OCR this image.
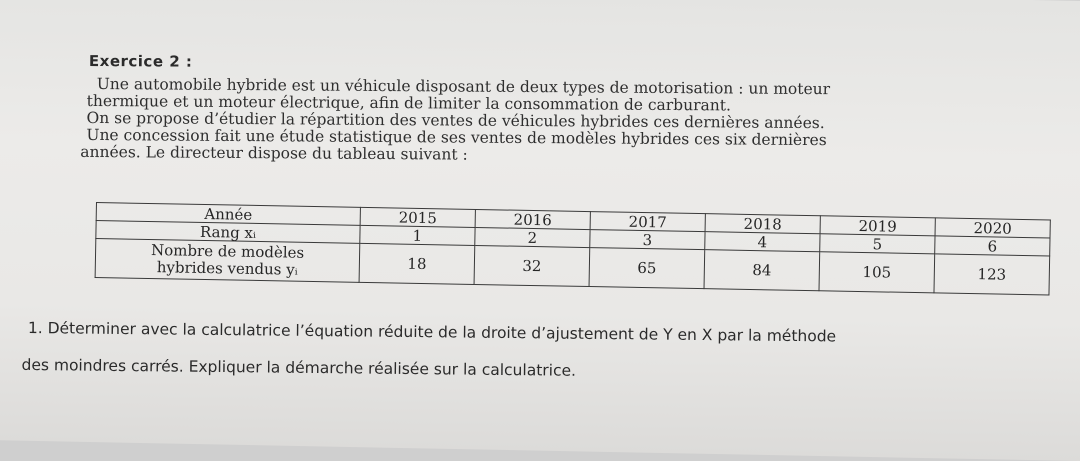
Exercice 2 :

Une automobile hybride est un véhicule disposant de deux types de motorisation : un moteur

thermique et un moteur électrique, afin de limiter la consommation de carburant.

On se propose d’étudier la répartition des ventes de véhicules hybrides ces dernières années.

Une concession fait une étude statistique de ses ventes de modèles hybrides ces six dernières

années. Le directeur dispose du tableau suivant :

Année	2015	2016	2017	2018	2019	2020
Rang xᵢ	1	2	3	4	5	6
Nombre de modèles
hybrides vendus yᵢ	18	32	65	84	105	123

1. Déterminer avec la calculatrice l’équation réduite de la droite d’ajustement de Y en X par la méthode

des moindres carrés. Expliquer la démarche réalisée sur la calculatrice.
